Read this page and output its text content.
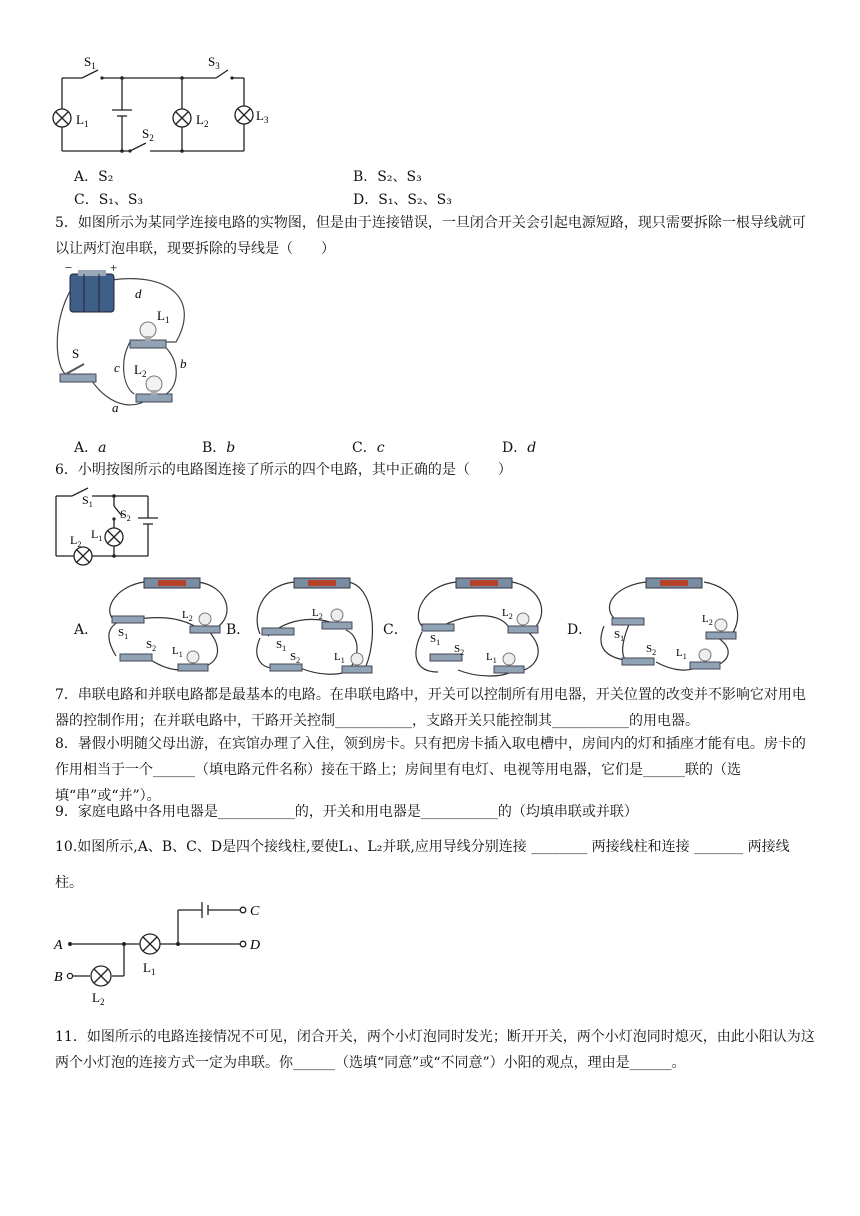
$S_1$	$S_3$
$S_2$
$L_1$	$L_2$
$L_3$
A．S₂	B．S₂、S₃
C．S₁、S₃	D．S₁、S₂、S₃
5．如图所示为某同学连接电路的实物图，但是由于连接错误，一旦闭合开关会引起电源短路，现只需要拆除一根导线就可以让两灯泡串联，现要拆除的导线是（　　）
−	+
S
$L_1$
$L_2$
d
b
c
a
A．a	B．b	C．c	D．d
6．小明按图所示的电路图连接了所示的四个电路，其中正确的是（　　）
$S_1$
$S_2$
$L_1$
$L_2$
A．	B．	C．	D．
$S_1$
$S_2$
$L_2$
$L_1$
$S_1$
$S_2$
$L_2$
$L_1$
$S_1$
$S_2$
$L_2$
$L_1$
$S_1$
$S_2$
$L_2$
$L_1$
7．串联电路和并联电路都是最基本的电路。在串联电路中，开关可以控制所有用电器，开关位置的改变并不影响它对用电器的控制作用；在并联电路中，干路开关控制___________，支路开关只能控制其___________的用电器。
8．暑假小明随父母出游，在宾馆办理了入住，领到房卡。只有把房卡插入取电槽中，房间内的灯和插座才能有电。房卡的作用相当于一个______（填电路元件名称）接在干路上；房间里有电灯、电视等用电器，它们是______联的（选填“串”或“并”）。
9．家庭电路中各用电器是___________的，开关和用电器是___________的（均填串联或并联）
10.如图所示,A、B、C、D是四个接线柱,要使L₁、L₂并联,应用导线分别连接 ________ 两接线柱和连接 _______ 两接线柱。
A
B
C
D
$L_1$
$L_2$
11．如图所示的电路连接情况不可见，闭合开关，两个小灯泡同时发光；断开开关，两个小灯泡同时熄灭，由此小阳认为这两个小灯泡的连接方式一定为串联。你______（选填“同意”或“不同意”）小阳的观点，理由是______。
